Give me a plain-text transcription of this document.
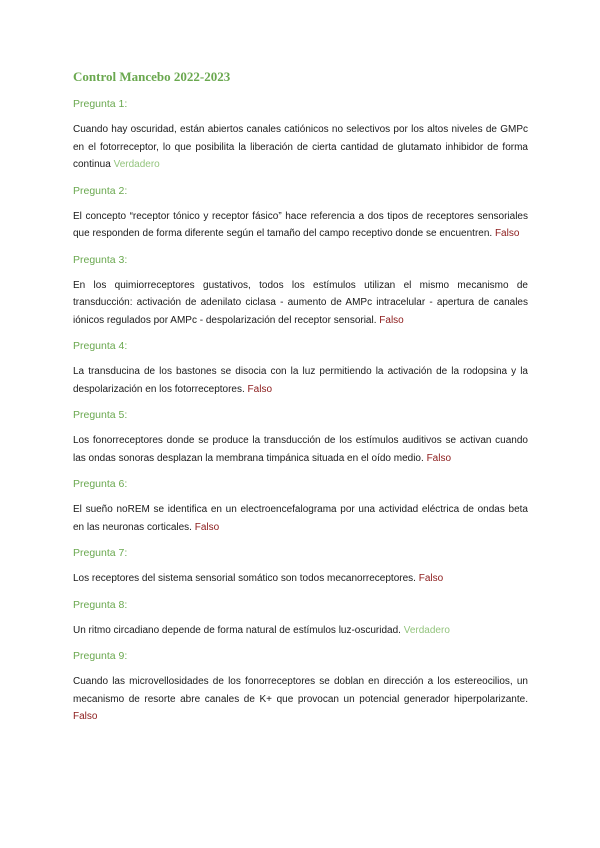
Control Mancebo 2022-2023

Pregunta 1:

Cuando hay oscuridad, están abiertos canales catiónicos no selectivos por los altos niveles de GMPc en el fotorreceptor, lo que posibilita la liberación de cierta cantidad de glutamato inhibidor de forma continua Verdadero

Pregunta 2:

El concepto “receptor tónico y receptor fásico” hace referencia a dos tipos de receptores sensoriales que responden de forma diferente según el tamaño del campo receptivo donde se encuentren. Falso

Pregunta 3:

En los quimiorreceptores gustativos, todos los estímulos utilizan el mismo mecanismo de transducción: activación de adenilato ciclasa - aumento de AMPc intracelular - apertura de canales iónicos regulados por AMPc - despolarización del receptor sensorial. Falso

Pregunta 4:

La transducina de los bastones se disocia con la luz permitiendo la activación de la rodopsina y la despolarización en los fotorreceptores. Falso

Pregunta 5:

Los fonorreceptores donde se produce la transducción de los estímulos auditivos se activan cuando las ondas sonoras desplazan la membrana timpánica situada en el oído medio. Falso

Pregunta 6:

El sueño noREM se identifica en un electroencefalograma por una actividad eléctrica de ondas beta en las neuronas corticales. Falso

Pregunta 7:

Los receptores del sistema sensorial somático son todos mecanorreceptores. Falso

Pregunta 8:

Un ritmo circadiano depende de forma natural de estímulos luz-oscuridad. Verdadero

Pregunta 9:

Cuando las microvellosidades de los fonorreceptores se doblan en dirección a los estereocilios, un mecanismo de resorte abre canales de K+ que provocan un potencial generador hiperpolarizante. Falso
